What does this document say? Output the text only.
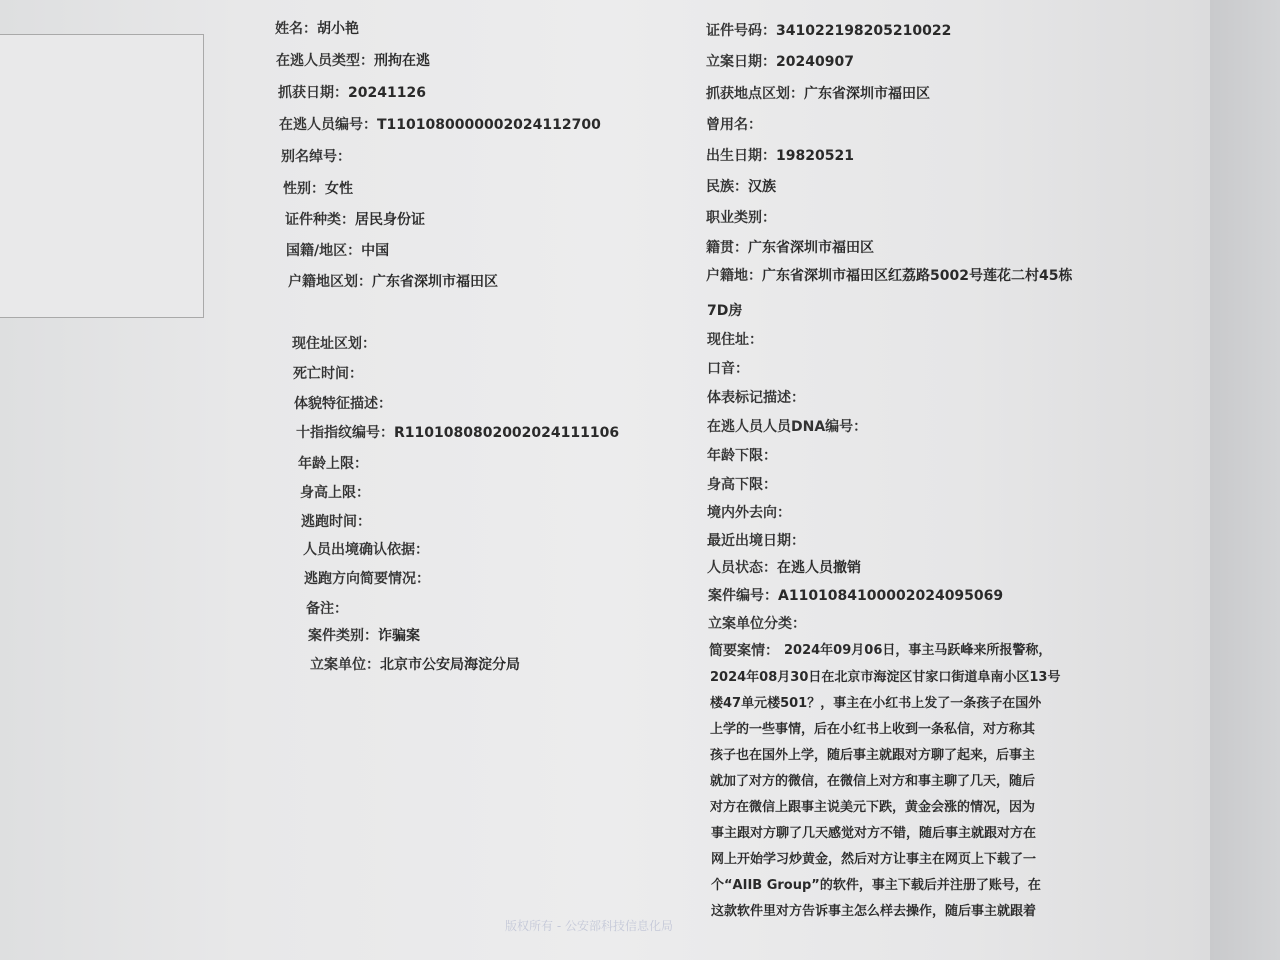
姓名：胡小艳
在逃人员类型：刑拘在逃
抓获日期：20241126
在逃人员编号：T1101080000002024112700
别名绰号：
性别：女性
证件种类：居民身份证
国籍/地区：中国
户籍地区划：广东省深圳市福田区
现住址区划：
死亡时间：
体貌特征描述：
十指指纹编号：R1101080802002024111106
年龄上限：
身高上限：
逃跑时间：
人员出境确认依据：
逃跑方向简要情况：
备注：
案件类别：诈骗案
立案单位：北京市公安局海淀分局
证件号码：341022198205210022
立案日期：20240907
抓获地点区划：广东省深圳市福田区
曾用名：
出生日期：19820521
民族：汉族
职业类别：
籍贯：广东省深圳市福田区
户籍地：广东省深圳市福田区红荔路5002号莲花二村45栋
7D房
现住址：
口音：
体表标记描述：
在逃人员人员DNA编号：
年龄下限：
身高下限：
境内外去向：
最近出境日期：
人员状态：在逃人员撤销
案件编号：A1101084100002024095069
立案单位分类：
简要案情： 2024年09月06日，事主马跃峰来所报警称，
2024年08月30日在北京市海淀区甘家口街道阜南小区13号
楼47单元楼501？，事主在小红书上发了一条孩子在国外
上学的一些事情，后在小红书上收到一条私信，对方称其
孩子也在国外上学，随后事主就跟对方聊了起来，后事主
就加了对方的微信，在微信上对方和事主聊了几天，随后
对方在微信上跟事主说美元下跌，黄金会涨的情况，因为
事主跟对方聊了几天感觉对方不错，随后事主就跟对方在
网上开始学习炒黄金，然后对方让事主在网页上下载了一
个“AIIB Group”的软件，事主下载后并注册了账号，在
这款软件里对方告诉事主怎么样去操作，随后事主就跟着
版权所有 - 公安部科技信息化局
